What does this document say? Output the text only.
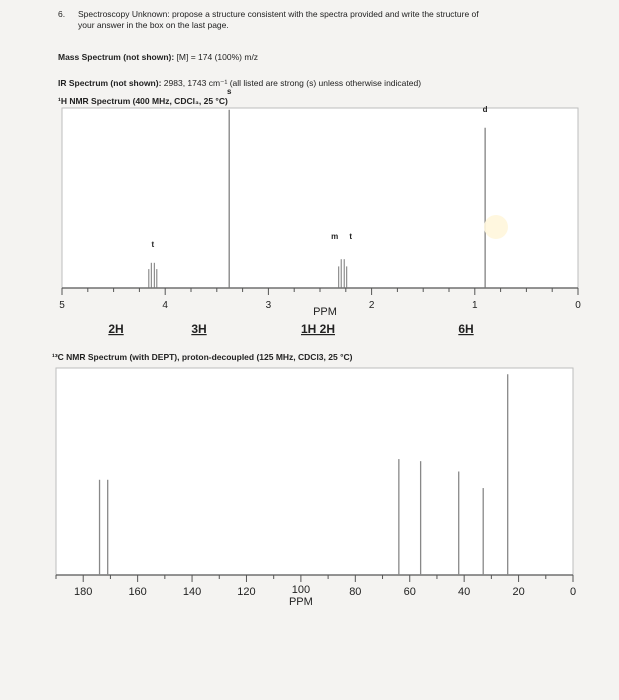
6. Spectroscopy Unknown: propose a structure consistent with the spectra provided and write the structure of
your answer in the box on the last page.
Mass Spectrum (not shown): [M] = 174 (100%) m/z
IR Spectrum (not shown): 2983, 1743 cm⁻¹ (all listed are strong (s) unless otherwise indicated)
¹H NMR Spectrum (400 MHz, CDCl₃, 25 °C)
¹³C NMR Spectrum (with DEPT), proton-decoupled (125 MHz, CDCl3, 25 °C)
5	4	3	2	1	0
PPM
t
s
m t
d
2H	3H	1H 2H	6H
180	160	140	120	100	80	60	40	20	0
PPM
